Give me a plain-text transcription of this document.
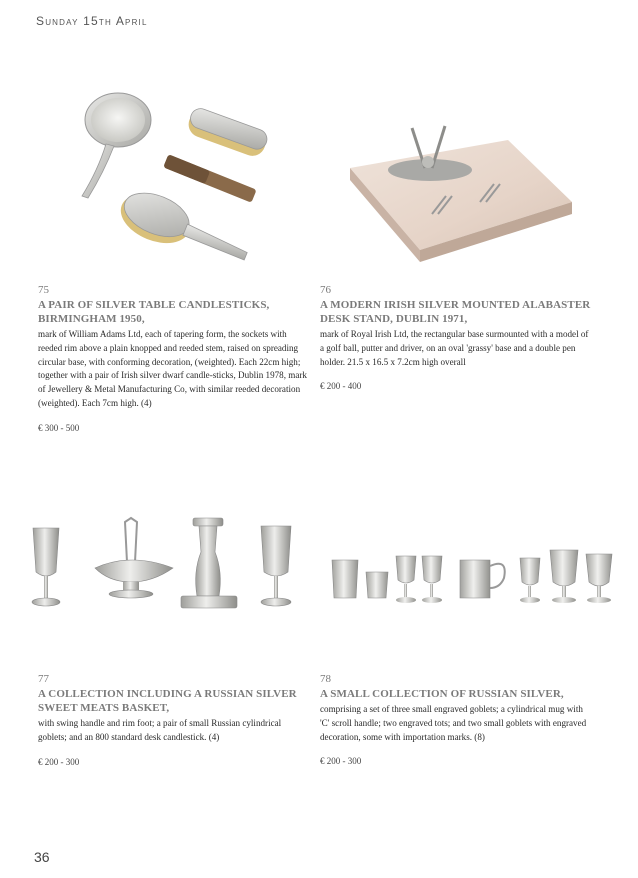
Sunday 15th April
75
A PAIR OF SILVER TABLE CANDLESTICKS, BIRMINGHAM 1950,
mark of William Adams Ltd, each of tapering form, the sockets with reeded rim above a plain knopped and reeded stem, raised on spreading circular base, with conforming decoration, (weighted). Each 22cm high; together with a pair of Irish silver dwarf candle-sticks, Dublin 1978, mark of Jewellery & Metal Manufacturing Co, with similar reeded decoration (weighted). Each 7cm high. (4)
€ 300 - 500
76
A MODERN IRISH SILVER MOUNTED ALABASTER DESK STAND, DUBLIN 1971,
mark of Royal Irish Ltd, the rectangular base surmounted with a model of a golf ball, putter and driver, on an oval 'grassy' base and a double pen holder. 21.5 x 16.5 x 7.2cm high overall
€ 200 - 400
77
A COLLECTION INCLUDING A RUSSIAN SILVER SWEET MEATS BASKET,
with swing handle and rim foot; a pair of small Russian cylindrical goblets; and an 800 standard desk candlestick. (4)
€ 200 - 300
78
A SMALL COLLECTION OF RUSSIAN SILVER,
comprising a set of three small engraved goblets; a cylindrical mug with 'C' scroll handle; two engraved tots; and two small goblets with engraved decoration, some with importation marks. (8)
€ 200 - 300
36
